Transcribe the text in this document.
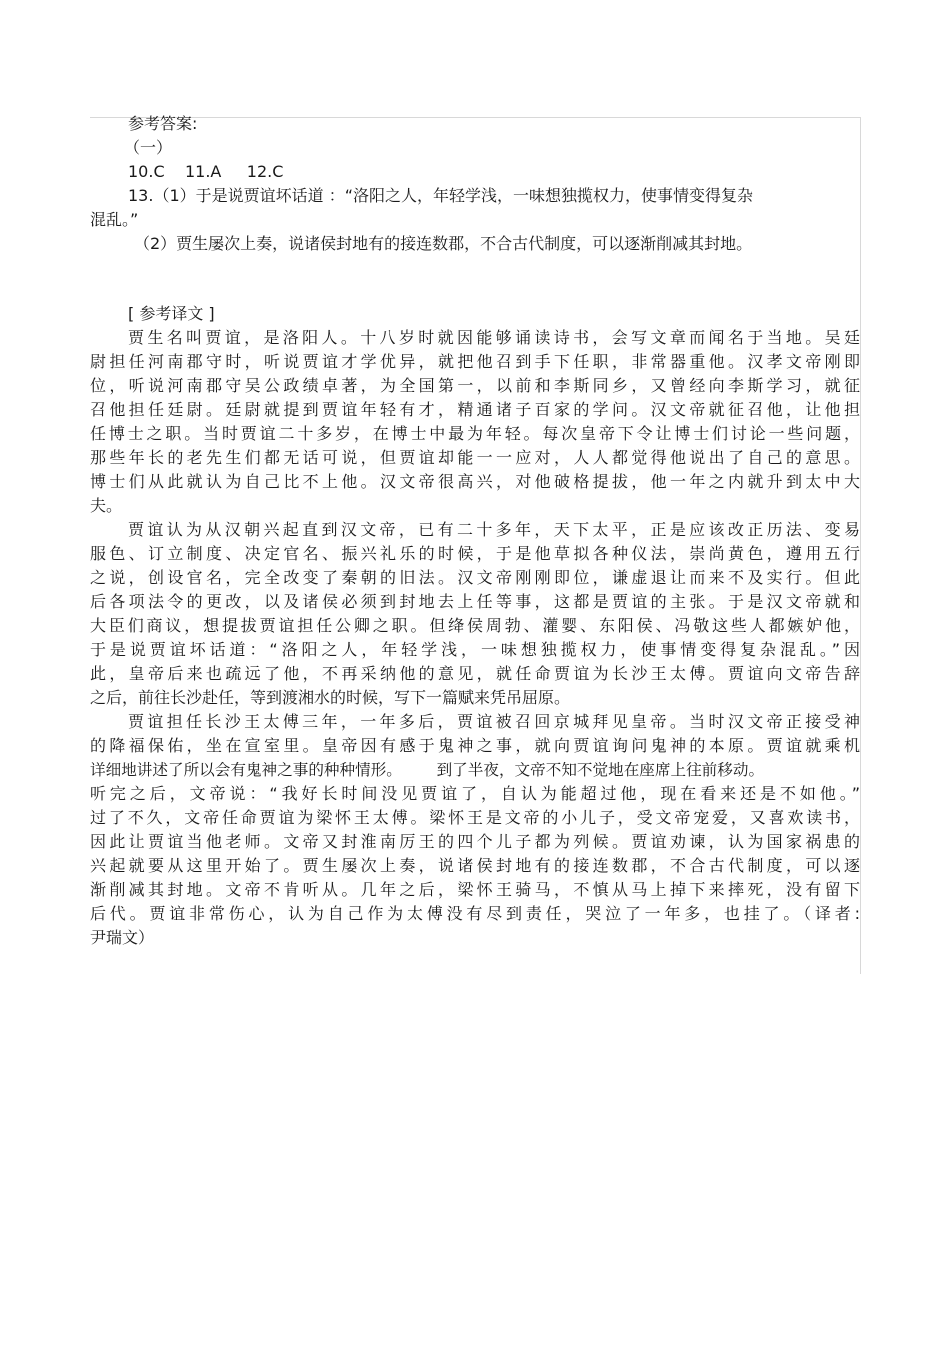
参考答案:
（一）
10.C    11.A     12.C
13.（1）于是说贾谊坏话道 ：“洛阳之人，年轻学浅，一味想独揽权力，使事情变得复杂
混乱。”
（2）贾生屡次上奏，说诸侯封地有的接连数郡，不合古代制度，可以逐渐削减其封地。
[ 参考译文 ]
贾生名叫贾谊，是洛阳人。十八岁时就因能够诵读诗书，会写文章而闻名于当地。吴廷
尉担任河南郡守时，听说贾谊才学优异，就把他召到手下任职，非常器重他。汉孝文帝刚即
位，听说河南郡守吴公政绩卓著，为全国第一，以前和李斯同乡，又曾经向李斯学习，就征
召他担任廷尉。廷尉就提到贾谊年轻有才，精通诸子百家的学问。汉文帝就征召他，让他担
任博士之职。当时贾谊二十多岁，在博士中最为年轻。每次皇帝下令让博士们讨论一些问题，
那些年长的老先生们都无话可说，但贾谊却能一一应对，人人都觉得他说出了自己的意思。
博士们从此就认为自己比不上他。汉文帝很高兴，对他破格提拔，他一年之内就升到太中大
夫。
贾谊认为从汉朝兴起直到汉文帝，已有二十多年，天下太平，正是应该改正历法、变易
服色、订立制度、决定官名、振兴礼乐的时候，于是他草拟各种仪法，崇尚黄色，遵用五行
之说，创设官名，完全改变了秦朝的旧法。汉文帝刚刚即位，谦虚退让而来不及实行。但此
后各项法令的更改，以及诸侯必须到封地去上任等事，这都是贾谊的主张。于是汉文帝就和
大臣们商议，想提拔贾谊担任公卿之职。但绛侯周勃、灌婴、东阳侯、冯敬这些人都嫉妒他，
于是说贾谊坏话道：“洛阳之人，年轻学浅，一味想独揽权力，使事情变得复杂混乱。”因
此，皇帝后来也疏远了他，不再采纳他的意见，就任命贾谊为长沙王太傅。贾谊向文帝告辞
之后，前往长沙赴任，等到渡湘水的时候，写下一篇赋来凭吊屈原。
贾谊担任长沙王太傅三年，一年多后，贾谊被召回京城拜见皇帝。当时汉文帝正接受神
的降福保佑，坐在宣室里。皇帝因有感于鬼神之事，就向贾谊询问鬼神的本原。贾谊就乘机
详细地讲述了所以会有鬼神之事的种种情形。       到了半夜，文帝不知不觉地在座席上往前移动。
听完之后，文帝说：“我好长时间没见贾谊了，自认为能超过他，现在看来还是不如他。”
过了不久，文帝任命贾谊为梁怀王太傅。梁怀王是文帝的小儿子，受文帝宠爱，又喜欢读书，
因此让贾谊当他老师。文帝又封淮南厉王的四个儿子都为列候。贾谊劝谏，认为国家祸患的
兴起就要从这里开始了。贾生屡次上奏，说诸侯封地有的接连数郡，不合古代制度，可以逐
渐削减其封地。文帝不肯听从。几年之后，梁怀王骑马，不慎从马上掉下来摔死，没有留下
后代。贾谊非常伤心，认为自己作为太傅没有尽到责任，哭泣了一年多，也挂了。（译者:
尹瑞文）
